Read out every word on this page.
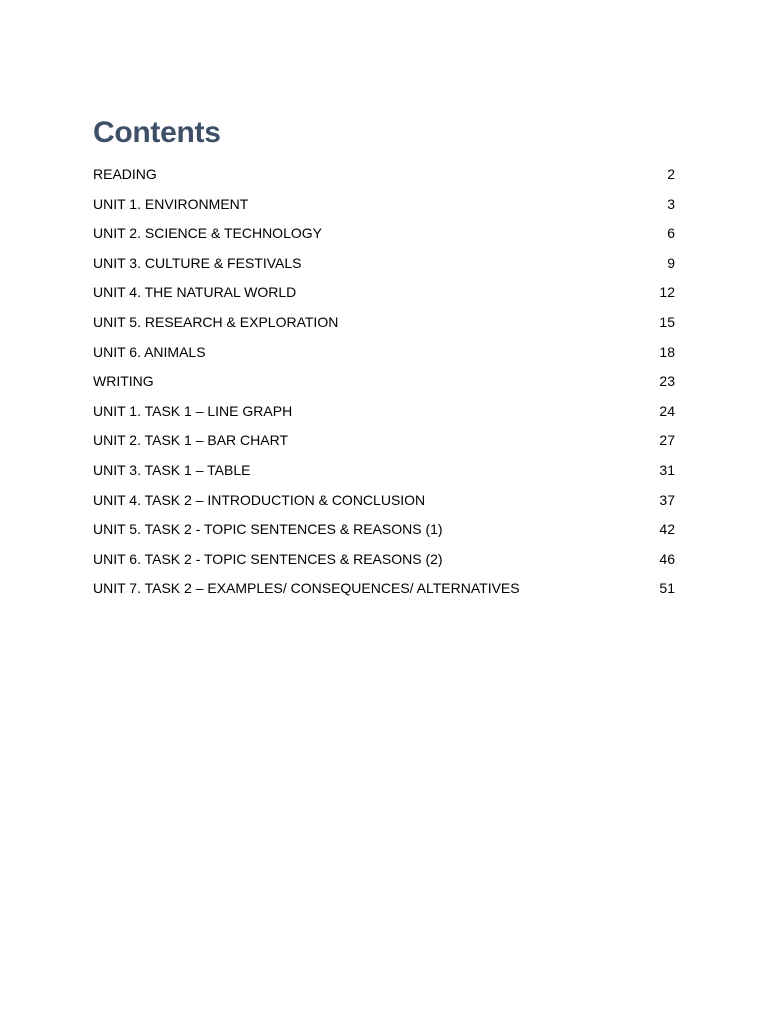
Contents
READING	2
UNIT 1. ENVIRONMENT	3
UNIT 2. SCIENCE & TECHNOLOGY	6
UNIT 3. CULTURE & FESTIVALS	9
UNIT 4. THE NATURAL WORLD	12
UNIT 5. RESEARCH & EXPLORATION	15
UNIT 6. ANIMALS	18
WRITING	23
UNIT 1. TASK 1 – LINE GRAPH	24
UNIT 2. TASK 1 – BAR CHART	27
UNIT 3. TASK 1 – TABLE	31
UNIT 4. TASK 2 – INTRODUCTION & CONCLUSION	37
UNIT 5. TASK 2 - TOPIC SENTENCES & REASONS (1)	42
UNIT 6. TASK 2 - TOPIC SENTENCES & REASONS (2)	46
UNIT 7. TASK 2 – EXAMPLES/ CONSEQUENCES/ ALTERNATIVES	51
